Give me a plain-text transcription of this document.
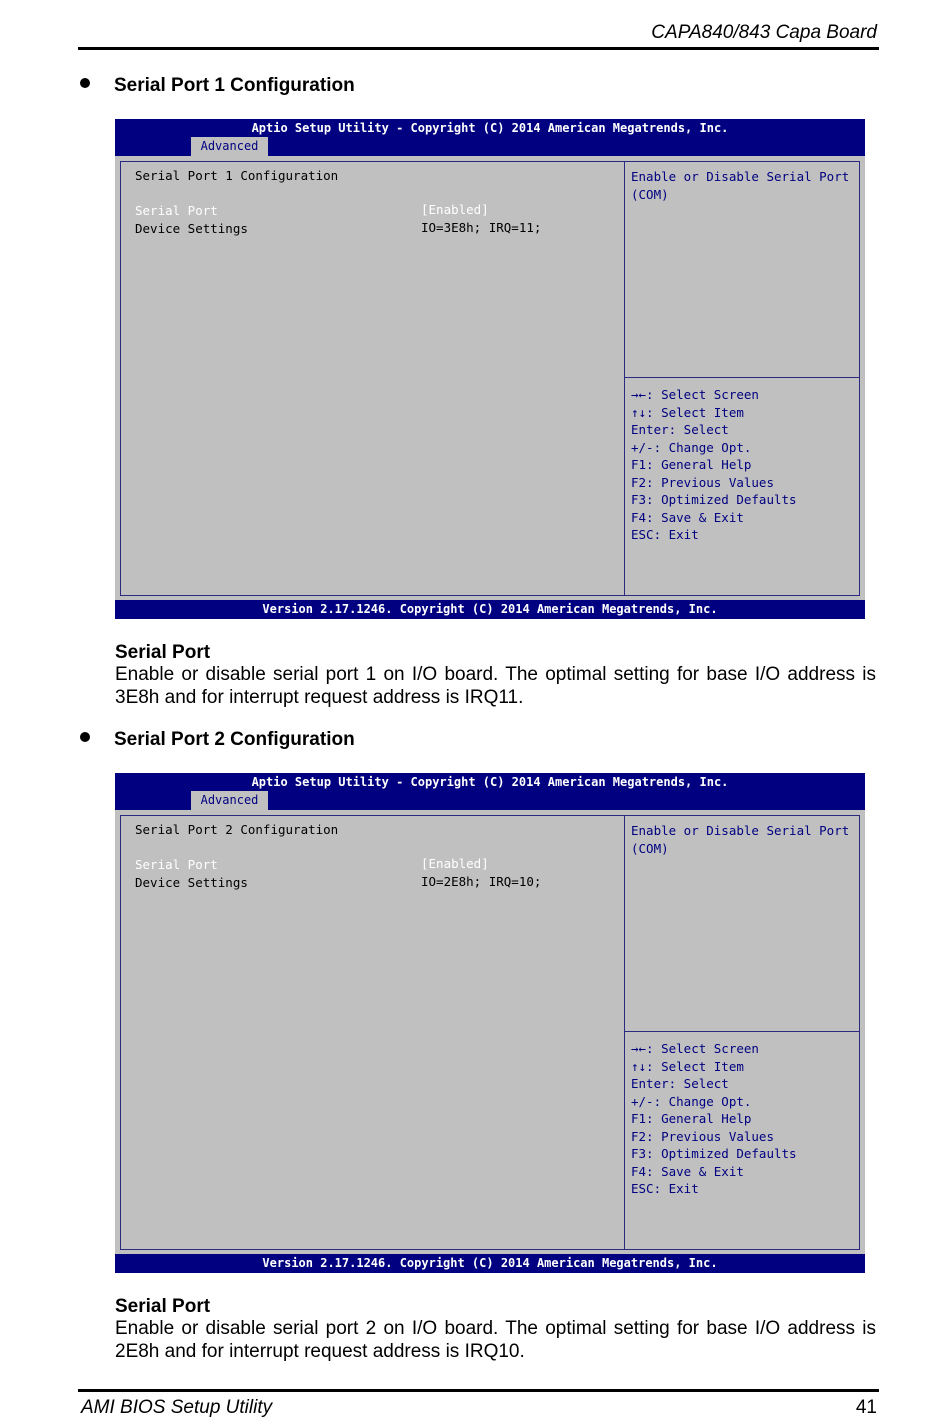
CAPA840/843 Capa Board
Serial Port 1 Configuration
Aptio Setup Utility - Copyright (C) 2014 American Megatrends, Inc.
Advanced
Serial Port 1 Configuration
Serial Port	[Enabled]
Device Settings	IO=3E8h; IRQ=11;
Enable or Disable Serial Port (COM)
→←: Select Screen
↑↓: Select Item
Enter: Select
+/-: Change Opt.
F1: General Help
F2: Previous Values
F3: Optimized Defaults
F4: Save & Exit
ESC: Exit
Version 2.17.1246. Copyright (C) 2014 American Megatrends, Inc.
Serial Port
Enable or disable serial port 1 on I/O board. The optimal setting for base I/O address is 3E8h and for interrupt request address is IRQ11.
Serial Port 2 Configuration
Aptio Setup Utility - Copyright (C) 2014 American Megatrends, Inc.
Advanced
Serial Port 2 Configuration
Serial Port	[Enabled]
Device Settings	IO=2E8h; IRQ=10;
Enable or Disable Serial Port (COM)
→←: Select Screen
↑↓: Select Item
Enter: Select
+/-: Change Opt.
F1: General Help
F2: Previous Values
F3: Optimized Defaults
F4: Save & Exit
ESC: Exit
Version 2.17.1246. Copyright (C) 2014 American Megatrends, Inc.
Serial Port
Enable or disable serial port 2 on I/O board. The optimal setting for base I/O address is 2E8h and for interrupt request address is IRQ10.
AMI BIOS Setup Utility	41
